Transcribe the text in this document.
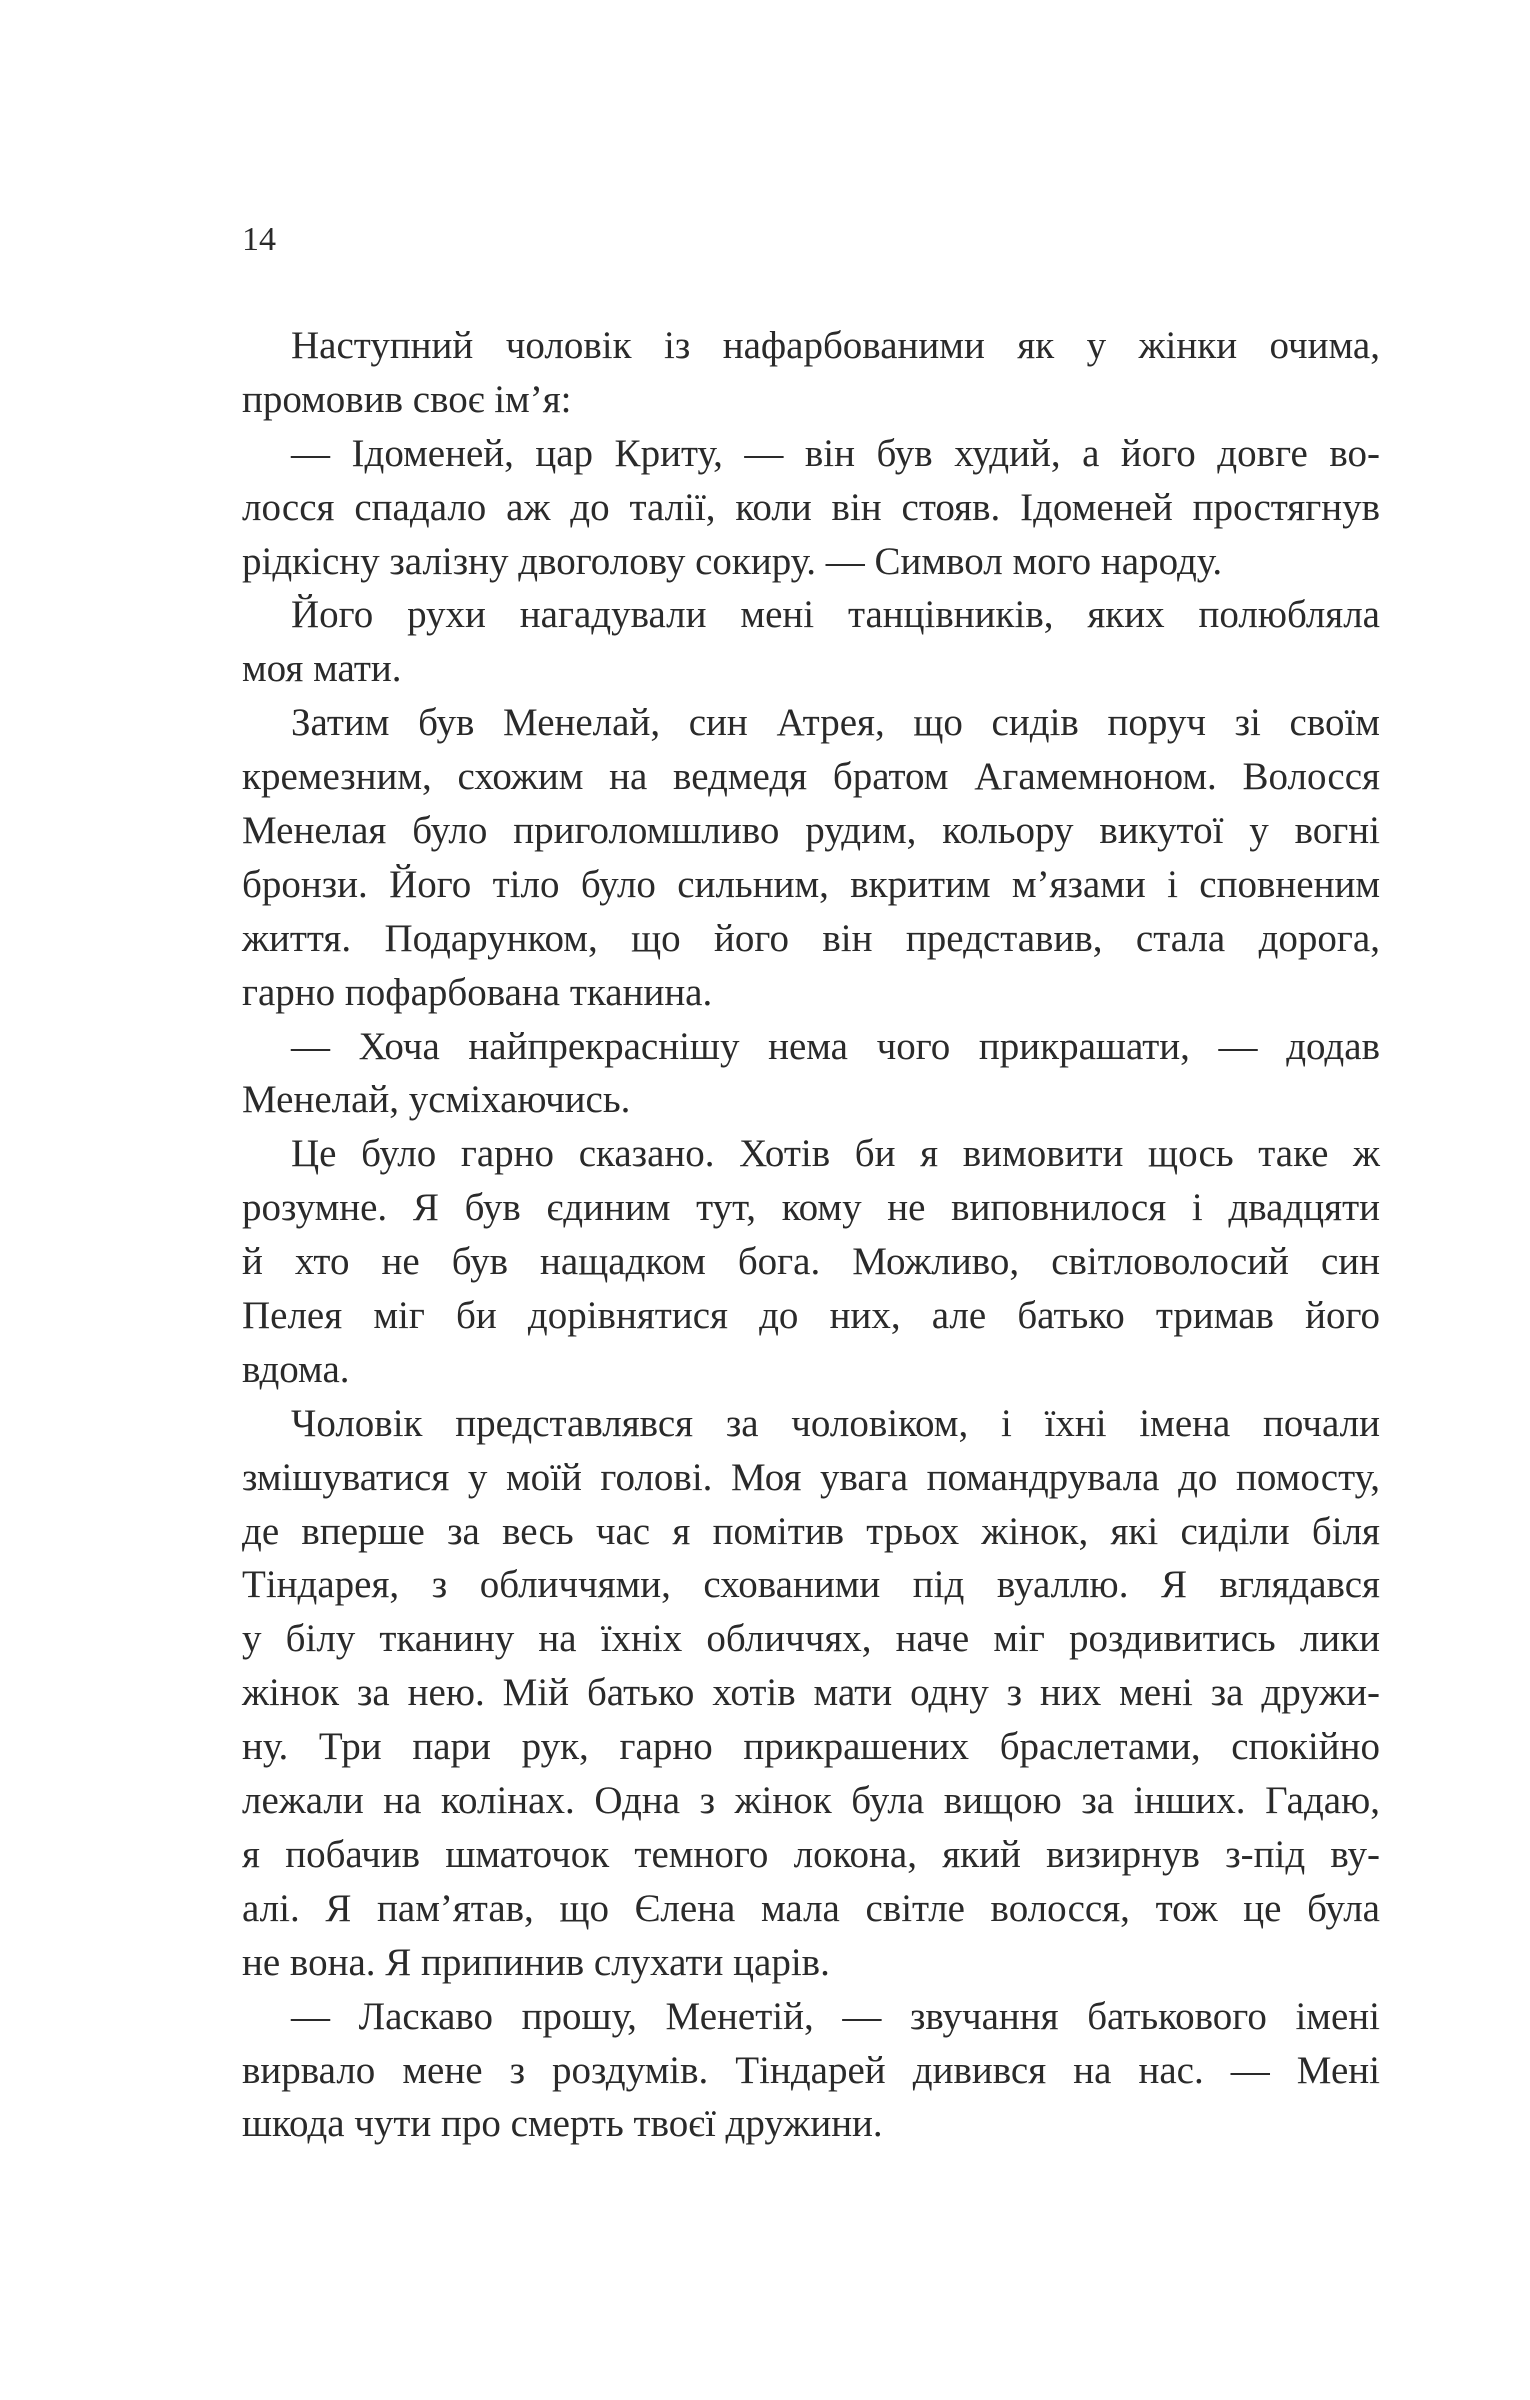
14
Наступний чоловік із нафарбованими як у жінки очима,
промовив своє ім’я:
— Ідоменей, цар Криту, — він був худий, а його довге во-
лосся спадало аж до талії, коли він стояв. Ідоменей простягнув
рідкісну залізну двоголову сокиру. — Символ мого народу.
Його рухи нагадували мені танцівників, яких полюбляла
моя мати.
Затим був Менелай, син Атрея, що сидів поруч зі своїм
кремезним, схожим на ведмедя братом Агамемноном. Волосся
Менелая було приголомшливо рудим, кольору викутої у вогні
бронзи. Його тіло було сильним, вкритим м’язами і сповненим
життя. Подарунком, що його він представив, стала дорога,
гарно пофарбована тканина.
— Хоча найпрекраснішу нема чого прикрашати, — додав
Менелай, усміхаючись.
Це було гарно сказано. Хотів би я вимовити щось таке ж
розумне. Я був єдиним тут, кому не виповнилося і двадцяти
й хто не був нащадком бога. Можливо, світловолосий син
Пелея міг би дорівнятися до них, але батько тримав його
вдома.
Чоловік представлявся за чоловіком, і їхні імена почали
змішуватися у моїй голові. Моя увага помандрувала до помосту,
де вперше за весь час я помітив трьох жінок, які сиділи біля
Тіндарея, з обличчями, схованими під вуаллю. Я вглядався
у білу тканину на їхніх обличчях, наче міг роздивитись лики
жінок за нею. Мій батько хотів мати одну з них мені за дружи-
ну. Три пари рук, гарно прикрашених браслетами, спокійно
лежали на колінах. Одна з жінок була вищою за інших. Гадаю,
я побачив шматочок темного локона, який визирнув з-під ву-
алі. Я пам’ятав, що Єлена мала світле волосся, тож це була
не вона. Я припинив слухати царів.
— Ласкаво прошу, Менетій, — звучання батькового імені
вирвало мене з роздумів. Тіндарей дивився на нас. — Мені
шкода чути про смерть твоєї дружини.
